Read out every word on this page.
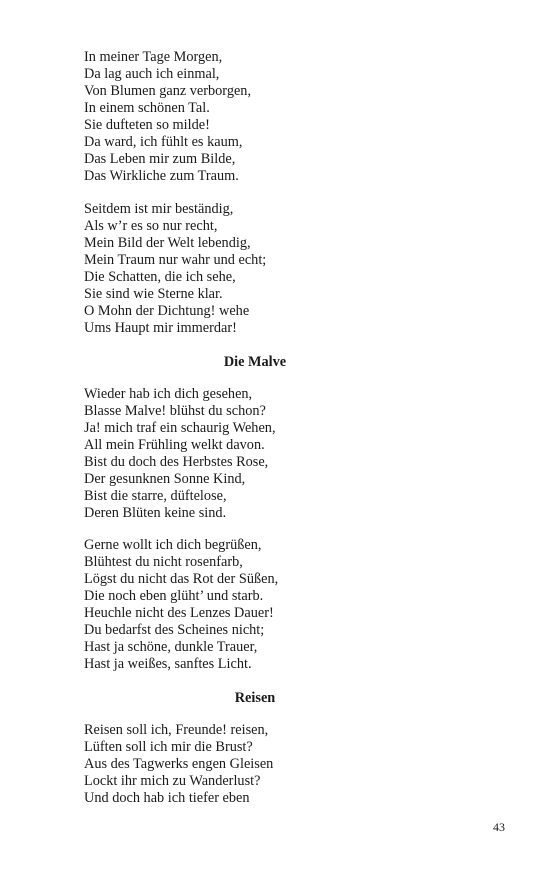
In meiner Tage Morgen,
Da lag auch ich einmal,
Von Blumen ganz verborgen,
In einem schönen Tal.
Sie dufteten so milde!
Da ward, ich fühlt es kaum,
Das Leben mir zum Bilde,
Das Wirkliche zum Traum.
Seitdem ist mir beständig,
Als w’r es so nur recht,
Mein Bild der Welt lebendig,
Mein Traum nur wahr und echt;
Die Schatten, die ich sehe,
Sie sind wie Sterne klar.
O Mohn der Dichtung! wehe
Ums Haupt mir immerdar!
Die Malve
Wieder hab ich dich gesehen,
Blasse Malve! blühst du schon?
Ja! mich traf ein schaurig Wehen,
All mein Frühling welkt davon.
Bist du doch des Herbstes Rose,
Der gesunknen Sonne Kind,
Bist die starre, düftelose,
Deren Blüten keine sind.
Gerne wollt ich dich begrüßen,
Blühtest du nicht rosenfarb,
Lögst du nicht das Rot der Süßen,
Die noch eben glüht’ und starb.
Heuchle nicht des Lenzes Dauer!
Du bedarfst des Scheines nicht;
Hast ja schöne, dunkle Trauer,
Hast ja weißes, sanftes Licht.
Reisen
Reisen soll ich, Freunde! reisen,
Lüften soll ich mir die Brust?
Aus des Tagwerks engen Gleisen
Lockt ihr mich zu Wanderlust?
Und doch hab ich tiefer eben
43
